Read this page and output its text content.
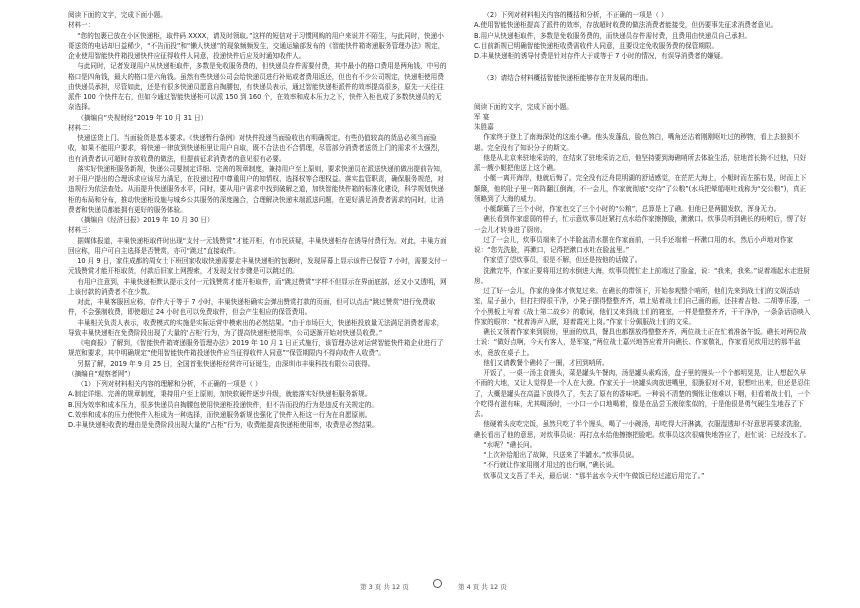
阅读下面的文字，完成下面小题。

材料一：

“您的包裹已放在小区快递柜，取件码 XXXX，请及时领取。”这样的短信对于习惯网购的用户来说并不陌生，与此同时，快递小哥送货的电话却日益稀少，“不告而投”和“懒人快递”的现象频频发生，交通运输部发布的《智能快件箱寄递服务管理办法》规定，企业使用智能快件箱投递快件应征得收件人同意，投递快件后应及时通知收件人。

与此同时，记者发现用户从快递柜取件，多数是免收服务费的，但快递员存件需要付费，其中最小的格口费用是两角钱，中号的格口是四角钱，最大的格口是六角钱。虽然有些快递公司会给快递员进行补贴或者费用返还，但也有不少公司规定，快递柜使用费由快递员承担，尽管如此，还是有很多快递员愿意自掏腰包，有快递员表示，通过智能快递柜派件的效率提高很多，原先一天往往派件 100 个快件左右，但如今通过智能快递柜可以派 150 到 160 个，在效率和成本压力之下，快件入柜也成了多数快递员的无奈选择。

（摘编自“央视财经”2019 年 10 月 31 日）

材料二：

快递送货上门、当面验货是基本要求。《快递暂行条例》对快件投递当面验收也有明确规定。有些仍值较高的货品必须当面验收，如果不能用户要求，将快递一律放到快递柜里让用户自取，既不合法也不合情理，尽管部分消费者送货上门的需求不太强烈，也有消费者认可超时存放收费的做法，但提前征求消费者的意见很有必要。

落实好快递柜服务新规，快递公司要制定详细、完善的规章制度，兼持用户至上原则，要求快递员在派送快递前做出提前告知，对于用户提出的合理诉求应该尽力满足，在投递过程中尊重用户的知情权、选择权等合理权益。落实监管职责，确保服务规范，对违规行为依法查处。从而提升快递服务水平，同时，要从用户需求中找到破解之道，加快智能快件箱的标准化建设，科学规划快递柜的布局和分布，推动快递柜设施与城乡公共服务的深度融合，合理解决快递末端派送问题，在更好满足消费者需求的同时，让消费者和快递员都能拥有更好的服务体验。

（摘编自《经济日报》2019 年 10 月 30 日）

材料三：

据媒体报道，丰巢快递柜取件时出现“支付一元钱赞赏”才能开柜，有市民质疑，丰巢快递柜存在诱导付费行为。对此，丰巢方面回应称，用户可自主选择是否赞赏，亦可“跳过”直接取件。

10 月 9 日，家住成都的周女士下班回家收取快递需要走丰巢快递柜的包裹时，发现屏幕上显示该件已保管 7 小时，需要支付一元钱赞赏才能开柜取货，付款后旧家上网搜索，才发现支付步骤是可以跳过的。

有用户注意到，丰巢快递柜默认提示支付一元钱赞赏才能开柜取件，而“跳过赞赏”字样不但显示在界面底部，还又小又透明，网上该付款的消费者不在少数。

对此，丰巢客服回应称，存件大于等于 7 小时，丰巢快递柜确实会弹出赞赏打款的页面，但可以点击“跳过赞赏”进行免费取件，不会强制收费，即使超过 24 小时也可以免费取件，但会产生相应的保管费用。

丰巢相关负责人表示，收费模式的实施是实际运营中模索出的必然结果。“由于市场巨大，快递柜投放量无法满足消费者需求，导致丰巢快递柜在免费阶段出现了大量的‘占柜’行为，为了提高快递柜使用率，公司逐渐开始对快递员收费。”

《电商报》了解到，《智能快件箱寄递服务管理办法》2019 年 10 月 1 日正式施行，该管理办法对运营智能快件箱企业进行了规范和要求，其中明确规定“使用智能快件箱投递快件应当征得收件人同意”“保管期限内不得向收件人收费”。

另据了解，2019 年 9 月 25 日，全国首张快递柜经营许可证诞生，由深圳市丰巢科技有限公司获得。

（摘编自“观察者网”）

（1）下列对材料相关内容的理解和分析，不正确的一项是（ ）

A.制定详细、完善的规章制度，秉持用户至上原则，加快软硬件逐步升级，就能落实好快递柜服务新规。

B.因为效率和成本压力，很多快递员自掏腰包使用快递柜投递快件，但不告而投的行为是违反有关规定的。

C.效率和成本的压力使快件入柜成为一种选择，而快递服务新规也强化了快件入柜这一行为在自愿原则。

D.丰巢快递柜收费的理由是免费阶段出现大量的“占柜”行为，收费能提高快递柜使用率，收费是必然结果。

（2）下列对材料相关内容的概括和分析，不正确的一项是（ ）

A.使用智能快递柜提高了派件的效率，存放超时收费的做法消费者能接受，但仍要事先征求消费者意见。

B.用户从快递柜取件，多数是免收服务费的，而快递员存件需付费，且费用由快递员自己承担。

C.目前新规已明确智能快递柜收费需收件人同意，且要设定免收服务费的保管期限。

D.丰巢快递柜的诱导付费是针对存件大于或等于 7 小时的情况，有误导消费者的嫌疑。

（3）请结合材料概括智能快递柜能够存在并发展的理由。

阅读下面的文字，完成下面小题。

军 宴

朱胜嘉

作家终于登上了南海深处的这座小礁。他头发蓬乱，脸色煞白，嘴角还沾着刚刚呕吐过的秽物，看上去狼狈不堪。完全没有了知识分子的斯文。

他是从北京来驻地采访的，在结束了驻地采访之后，他坚持要到海礁哨所去体验生活，驻地首长拗不过他，只好派一艘小艇把他送上这个礁。

小艇一离开海岸，他就后悔了。完全没有泛舟昆明湖的舒适感觉，在茫茫大海上，小艇时而左摇右晃，时而上下颠簸，他的肚子里一阵阵翻江倒海，不一会儿，作家就彻底“交待”了公粮”(水兵把晕船呕吐戏称为“交公粮”)，真正领略到了大海的威力。

小艇颠簸了三个小时，作家也交了三个小时的“公粮”，总算是上了礁。但他已是两腿发软，浑身无力。

礁长看到作家虚弱的样子，忙示意炊事员赶紧打点水给作家擦擦脸，漱漱口。炊事员听到礁长的吩咐后，愣了好一会儿才转身进了厨房。

过了一会儿，炊事员端来了小半脸盆清水摆在作家面前，一只手还端着一杯漱口用的水，然后小声地对作家说：“您先洗脸，再漱口，记得把漱口水吐在脸盆里。”

作家望了望炊事员，很是不解，但还是按他的话做了。

洗漱完毕，作家正要将用过的水倒进大海，炊事员慌忙走上前端过了脸盆，说：“我来，我来。”说着端起水走进厨房。

过了好一会儿，作家的身体才恢复过来。在礁长的带领下，开始参观整个哨所，他们先来到战士们的文娱活动室，屋子虽小，但打扫得很干净，小凳子摆得整整齐齐，墙上贴着战士们自己画的画，还挂着吉他、二胡等乐器，一个小黑板上写着《战士第二故乡》的歌词，他们又来到战士们的寝室，一样是整整齐齐，干干净净，一条条话语映入作家的眼帘：“枕着涛声入眠，迎着霞光上岗。”作家十分佩服战士们的文采。

礁长又领着作家来到厨房，里面的炊具，餐具也都摆放得整整齐齐，两位战士正在忙着准备午饭。礁长对两位战士说：“做好点啊，今天有客人，是军宴，”两位战士嘉兴地答应着并向礁长、作家敬礼，作家看见炊用过的那半盆水，竟放在桌子上。

他们又请教餐个礁转了一圈，才回到哨所。

开饭了，一桌一汤主食馒头，菜是罐头午餐肉，汤是罐头素鸡汤，盘子里的馒头一个个都明晃晃，让人想起久早不雨的大地，又让人觉得是一个人在大漠。作家关于一块罐头肉放进嘴里，很脆很对不对，很想吐出来，但还是忍住了，大概是罐头在高温下放得久了，失去了原有的香味吧。一种说不清楚的惆怅让他难以下咽，但看着战士们，一个个吃得有滋有味，尤其喝汤时，一小口一小口地喝着，像是在品尝玉液琼浆似的，于是他很是勇气硬生生地吞了下去。

他硬着头皮吃完饭，虽然只吃了半个馒头，喝了一小碗汤，却吃得大汗淋漓，衣服湿透却不好意思再要求洗脸，礁长看出了他的意思，对炊事员说：再打点水给他擦擦把脸吧。炊事员这次很痛快地答应了，赶忙说：已经没水了。

“水呢？”礁长问。

“上次补给船出了故障，只送来了半罐水。”炊事员说。

“不行就让作家用刚才用过的也行啊，”礁长说。

炊事员又支吾了半天，最后说：“那半盆水今天中午做饭已经过滤后用完了。”

第 3 页 共 12 页	第 4 页 共 12 页
